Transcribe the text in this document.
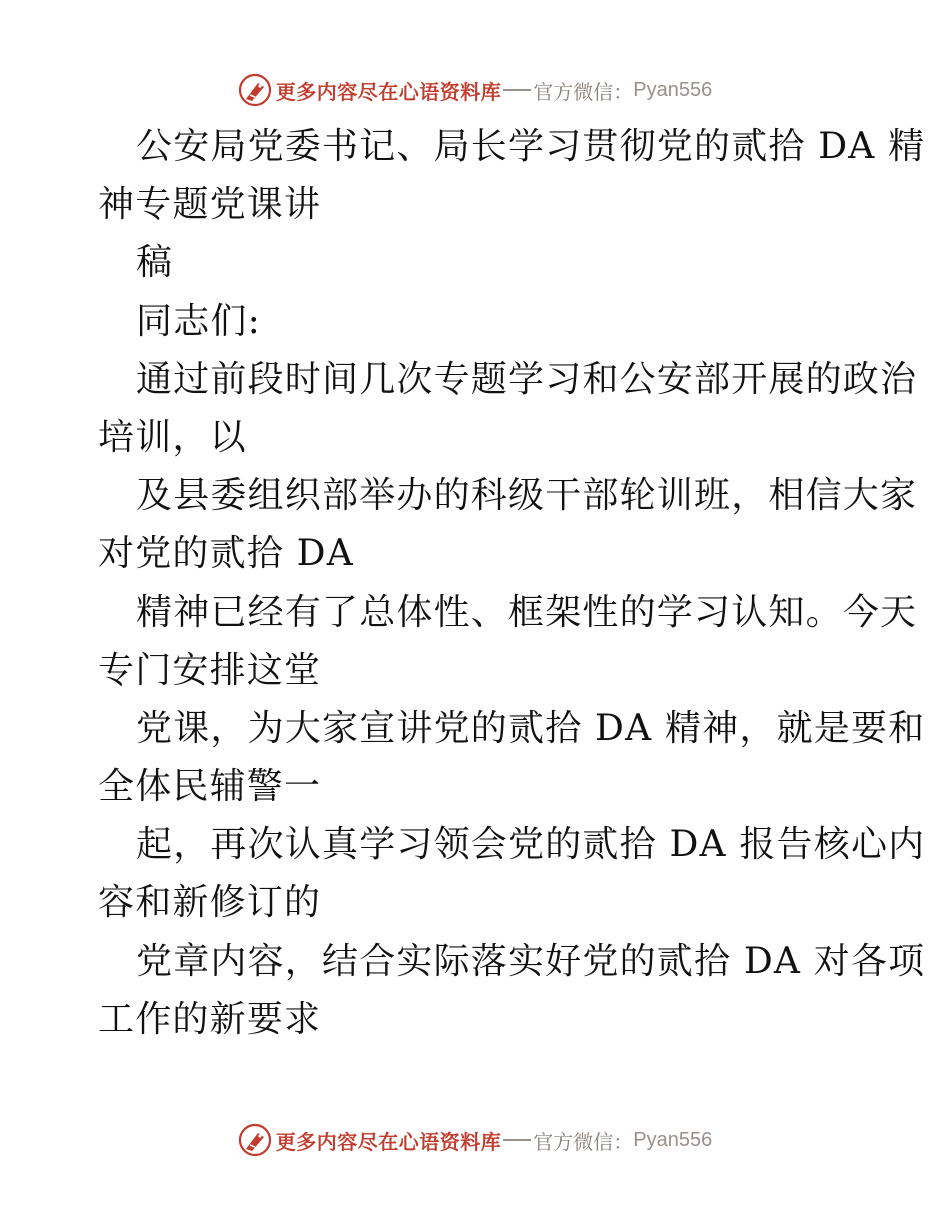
更多内容尽在心语资料库 官方微信： Pyan556
公安局党委书记、局长学习贯彻党的贰拾 DA 精
神专题党课讲
稿
同志们:
通过前段时间几次专题学习和公安部开展的政治
培训，以
及县委组织部举办的科级干部轮训班，相信大家
对党的贰拾 DA
精神已经有了总体性、框架性的学习认知。今天
专门安排这堂
党课，为大家宣讲党的贰拾 DA 精神，就是要和
全体民辅警一
起，再次认真学习领会党的贰拾 DA 报告核心内
容和新修订的
党章内容，结合实际落实好党的贰拾 DA 对各项
工作的新要求
更多内容尽在心语资料库 官方微信： Pyan556
